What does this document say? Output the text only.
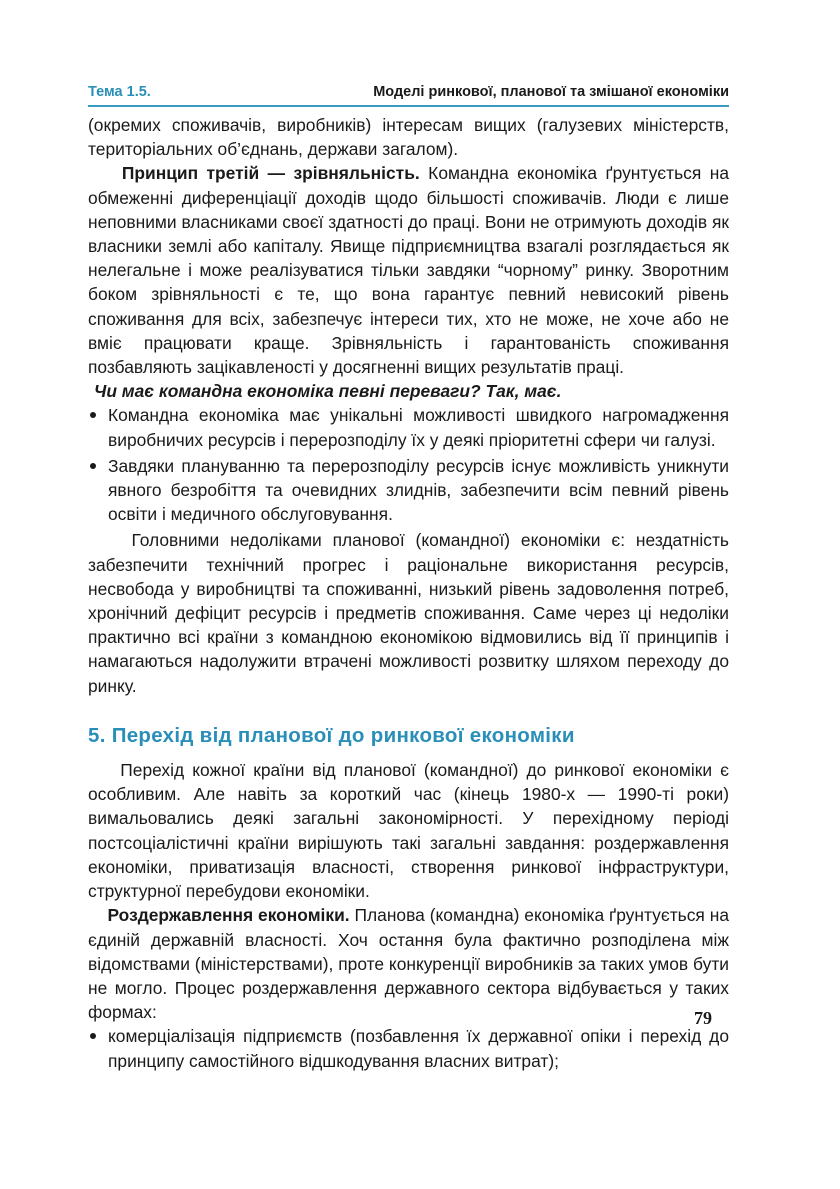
Тема 1.5.	Моделі ринкової, планової та змішаної економіки

(окремих споживачів, виробників) інтересам вищих (галузевих міністерств, територіальних об’єднань, держави загалом).

Принцип третій — зрівняльність. Командна економіка ґрунтується на обмеженні диференціації доходів щодо більшості споживачів. Люди є лише неповними власниками своєї здатності до праці. Вони не отримують доходів як власники землі або капіталу. Явище підприємництва взагалі розглядається як нелегальне і може реалізуватися тільки завдяки “чорному” ринку. Зворотним боком зрівняльності є те, що вона гарантує певний невисокий рівень споживання для всіх, забезпечує інтереси тих, хто не може, не хоче або не вміє працювати краще. Зрівняльність і гарантованість споживання позбавляють зацікавленості у досягненні вищих результатів праці.

Чи має командна економіка певні переваги? Так, має.

Командна економіка має унікальні можливості швидкого нагромадження виробничих ресурсів і перерозподілу їх у деякі пріоритетні сфери чи галузі.
Завдяки плануванню та перерозподілу ресурсів існує можливість уникнути явного безробіття та очевидних злиднів, забезпечити всім певний рівень освіти і медичного обслуговування.

Головними недоліками планової (командної) економіки є: нездатність забезпечити технічний прогрес і раціональне використання ресурсів, несвобода у виробництві та споживанні, низький рівень задоволення потреб, хронічний дефіцит ресурсів і предметів споживання. Саме через ці недоліки практично всі країни з командною економікою відмовились від її принципів і намагаються надолужити втрачені можливості розвитку шляхом переходу до ринку.

5. Перехід від планової до ринкової економіки

Перехід кожної країни від планової (командної) до ринкової економіки є особливим. Але навіть за короткий час (кінець 1980-х — 1990-ті роки) вимальовались деякі загальні закономірності. У перехідному періоді постсоціалістичні країни вирішують такі загальні завдання: роздержавлення економіки, приватизація власності, створення ринкової інфраструктури, структурної перебудови економіки.

Роздержавлення економіки. Планова (командна) економіка ґрунтується на єдиній державній власності. Хоч остання була фактично розподілена між відомствами (міністерствами), проте конкуренції виробників за таких умов бути не могло. Процес роздержавлення державного сектора відбувається у таких формах:

комерціалізація підприємств (позбавлення їх державної опіки і перехід до принципу самостійного відшкодування власних витрат);
79
